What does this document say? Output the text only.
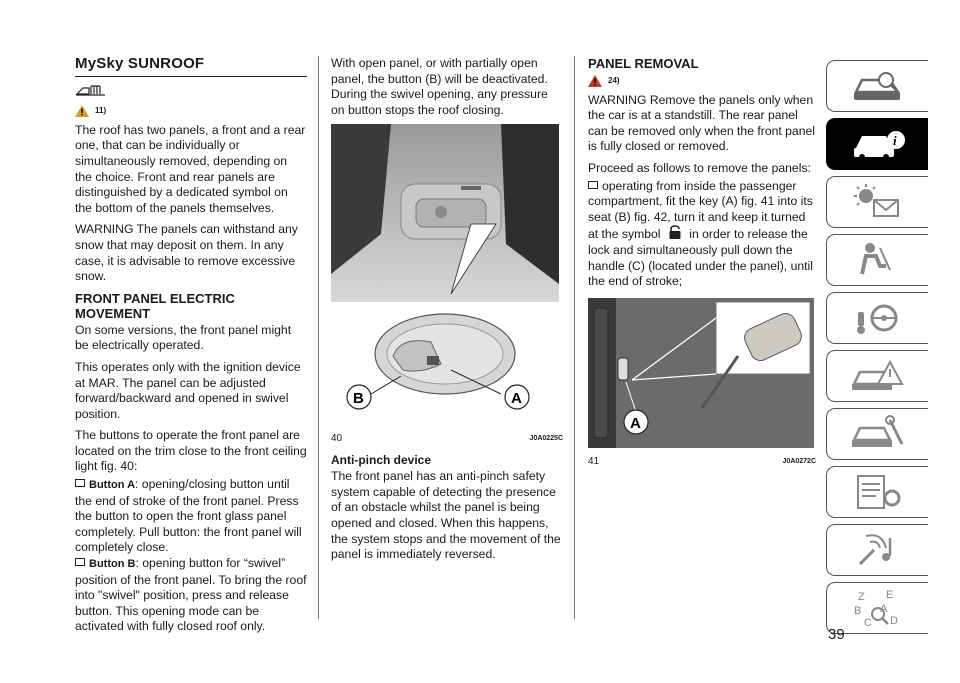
MySky SUNROOF
11)

The roof has two panels, a front and a rear one, that can be individually or simultaneously removed, depending on the choice. Front and rear panels are distinguished by a dedicated symbol on the bottom of the panels themselves.

WARNING The panels can withstand any snow that may deposit on them. In any case, it is advisable to remove excessive snow.

FRONT PANEL ELECTRIC MOVEMENT

On some versions, the front panel might be electrically operated.

This operates only with the ignition device at MAR. The panel can be adjusted forward/backward and opened in swivel position.

The buttons to operate the front panel are located on the trim close to the front ceiling light fig. 40:

Button A: opening/closing button until the end of stroke of the front panel. Press the button to open the front glass panel completely. Pull button: the front panel will completely close.
Button B: opening button for “swivel” position of the front panel. To bring the roof into "swivel" position, press and release button. This opening mode can be activated with fully closed roof only.

With open panel, or with partially open panel, the button (B) will be deactivated. During the swivel opening, any pressure on button stops the roof closing.

B	A
40	J0A0225C
Anti-pinch device

The front panel has an anti-pinch safety system capable of detecting the presence of an obstacle whilst the panel is being opened and closed. When this happens, the system stops and the movement of the panel is immediately reversed.

PANEL REMOVAL
24)

WARNING Remove the panels only when the car is at a standstill. The rear panel can be removed only when the front panel is fully closed or removed.

Proceed as follows to remove the panels:

operating from inside the passenger compartment, fit the key (A) fig. 41 into its seat (B) fig. 42, turn it and keep it turned at the symbol in order to release the lock and simultaneously pull down the handle (C) (located under the panel), until the end of stroke;
A
41	J0A0272C
i
Z E
B A
C D
39
